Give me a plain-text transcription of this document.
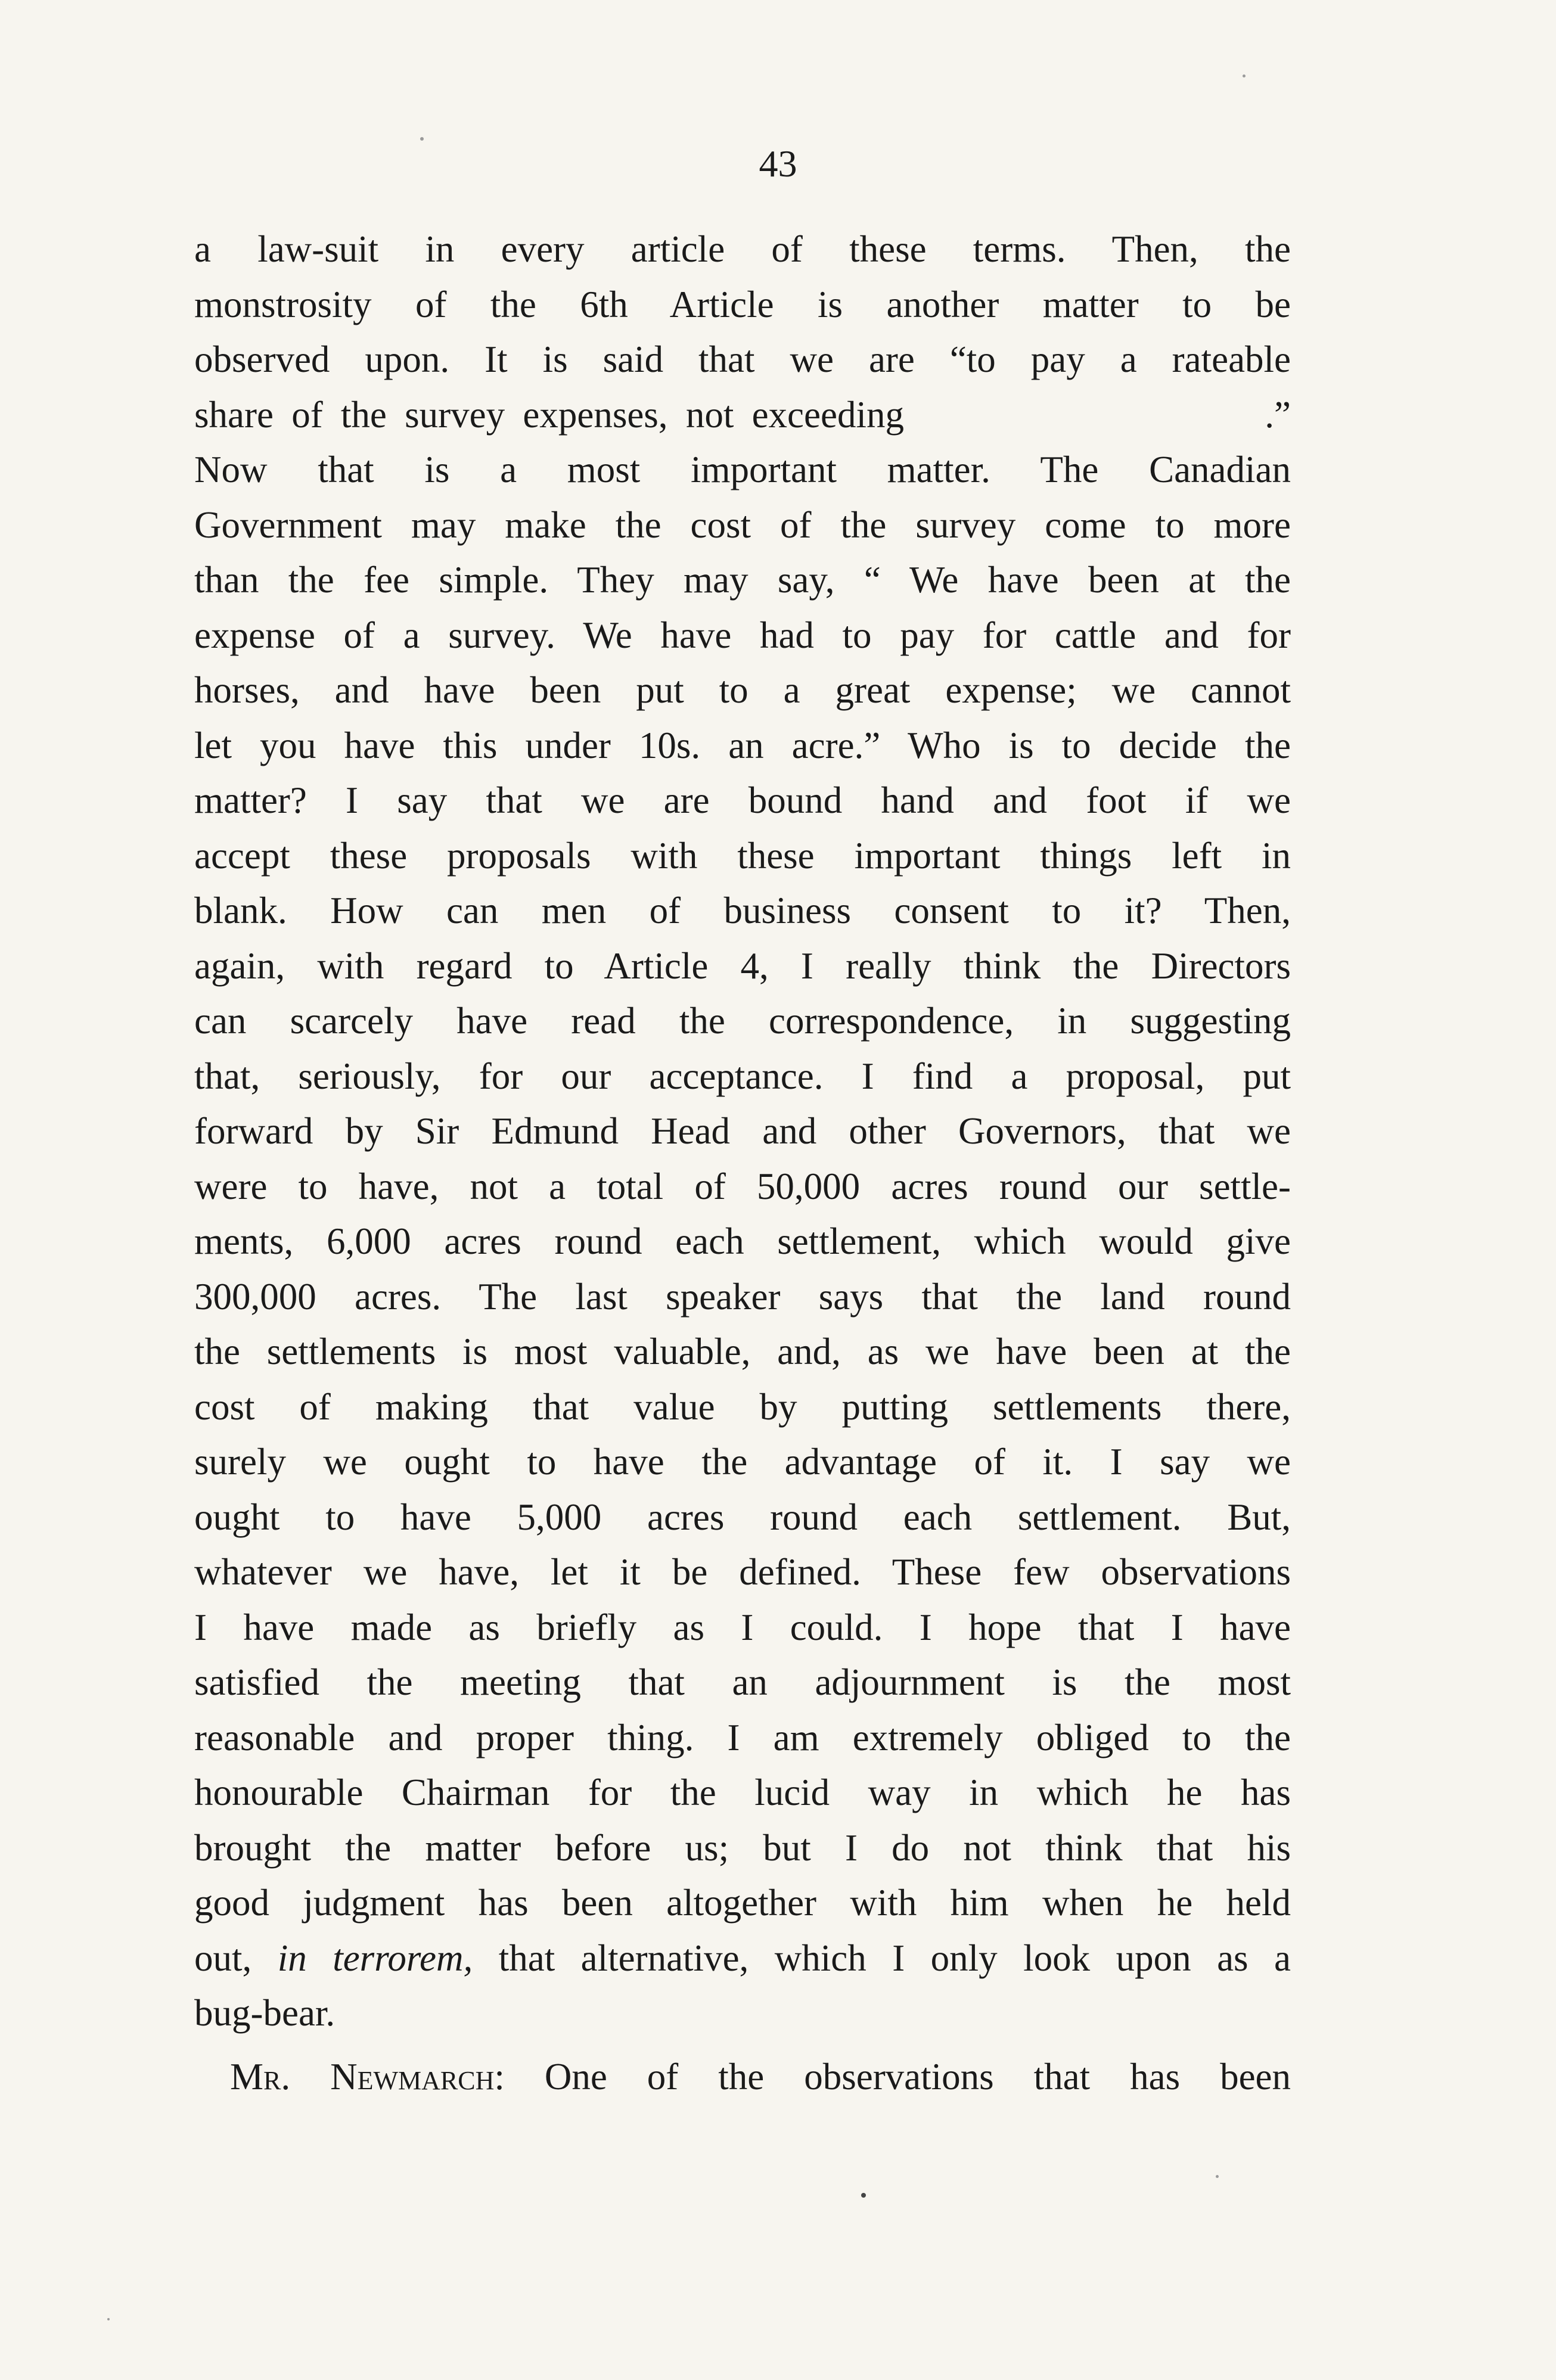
43
a law-suit in every article of these terms. Then, the
monstrosity of the 6th Article is another matter to be
observed upon. It is said that we are “to pay a rateable
share of the survey expenses, not exceeding                    .”
Now that is a most important matter. The Canadian
Government may make the cost of the survey come to more
than the fee simple. They may say, “ We have been at the
expense of a survey. We have had to pay for cattle and for
horses, and have been put to a great expense; we cannot
let you have this under 10s. an acre.” Who is to decide the
matter? I say that we are bound hand and foot if we
accept these proposals with these important things left in
blank. How can men of business consent to it? Then,
again, with regard to Article 4, I really think the Directors
can scarcely have read the correspondence, in suggesting
that, seriously, for our acceptance. I find a proposal, put
forward by Sir Edmund Head and other Governors, that we
were to have, not a total of 50,000 acres round our settle-
ments, 6,000 acres round each settlement, which would give
300,000 acres. The last speaker says that the land round
the settlements is most valuable, and, as we have been at the
cost of making that value by putting settlements there,
surely we ought to have the advantage of it. I say we
ought to have 5,000 acres round each settlement. But,
whatever we have, let it be defined. These few observations
I have made as briefly as I could. I hope that I have
satisfied the meeting that an adjournment is the most
reasonable and proper thing. I am extremely obliged to the
honourable Chairman for the lucid way in which he has
brought the matter before us; but I do not think that his
good judgment has been altogether with him when he held
out, in terrorem, that alternative, which I only look upon as a
bug-bear.
Mr. Newmarch: One of the observations that has been
